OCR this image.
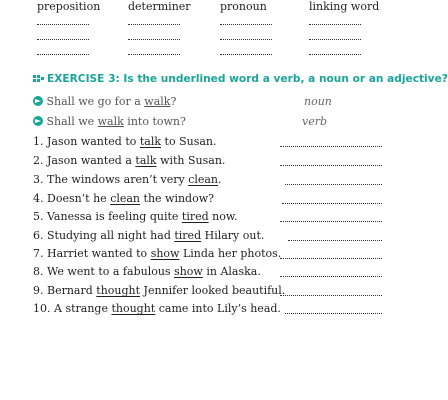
preposition	determiner	pronoun	linking word
EXERCISE 3: Is the underlined word a verb, a noun or an adjective?
Shall we go for a walk?	noun
Shall we walk into town?	verb
1. Jason wanted to talk to Susan.
2. Jason wanted a talk with Susan.
3. The windows aren’t very clean.
4. Doesn’t he clean the window?
5. Vanessa is feeling quite tired now.
6. Studying all night had tired Hilary out.
7. Harriet wanted to show Linda her photos.
8. We went to a fabulous show in Alaska.
9. Bernard thought Jennifer looked beautiful.
10. A strange thought came into Lily’s head.
